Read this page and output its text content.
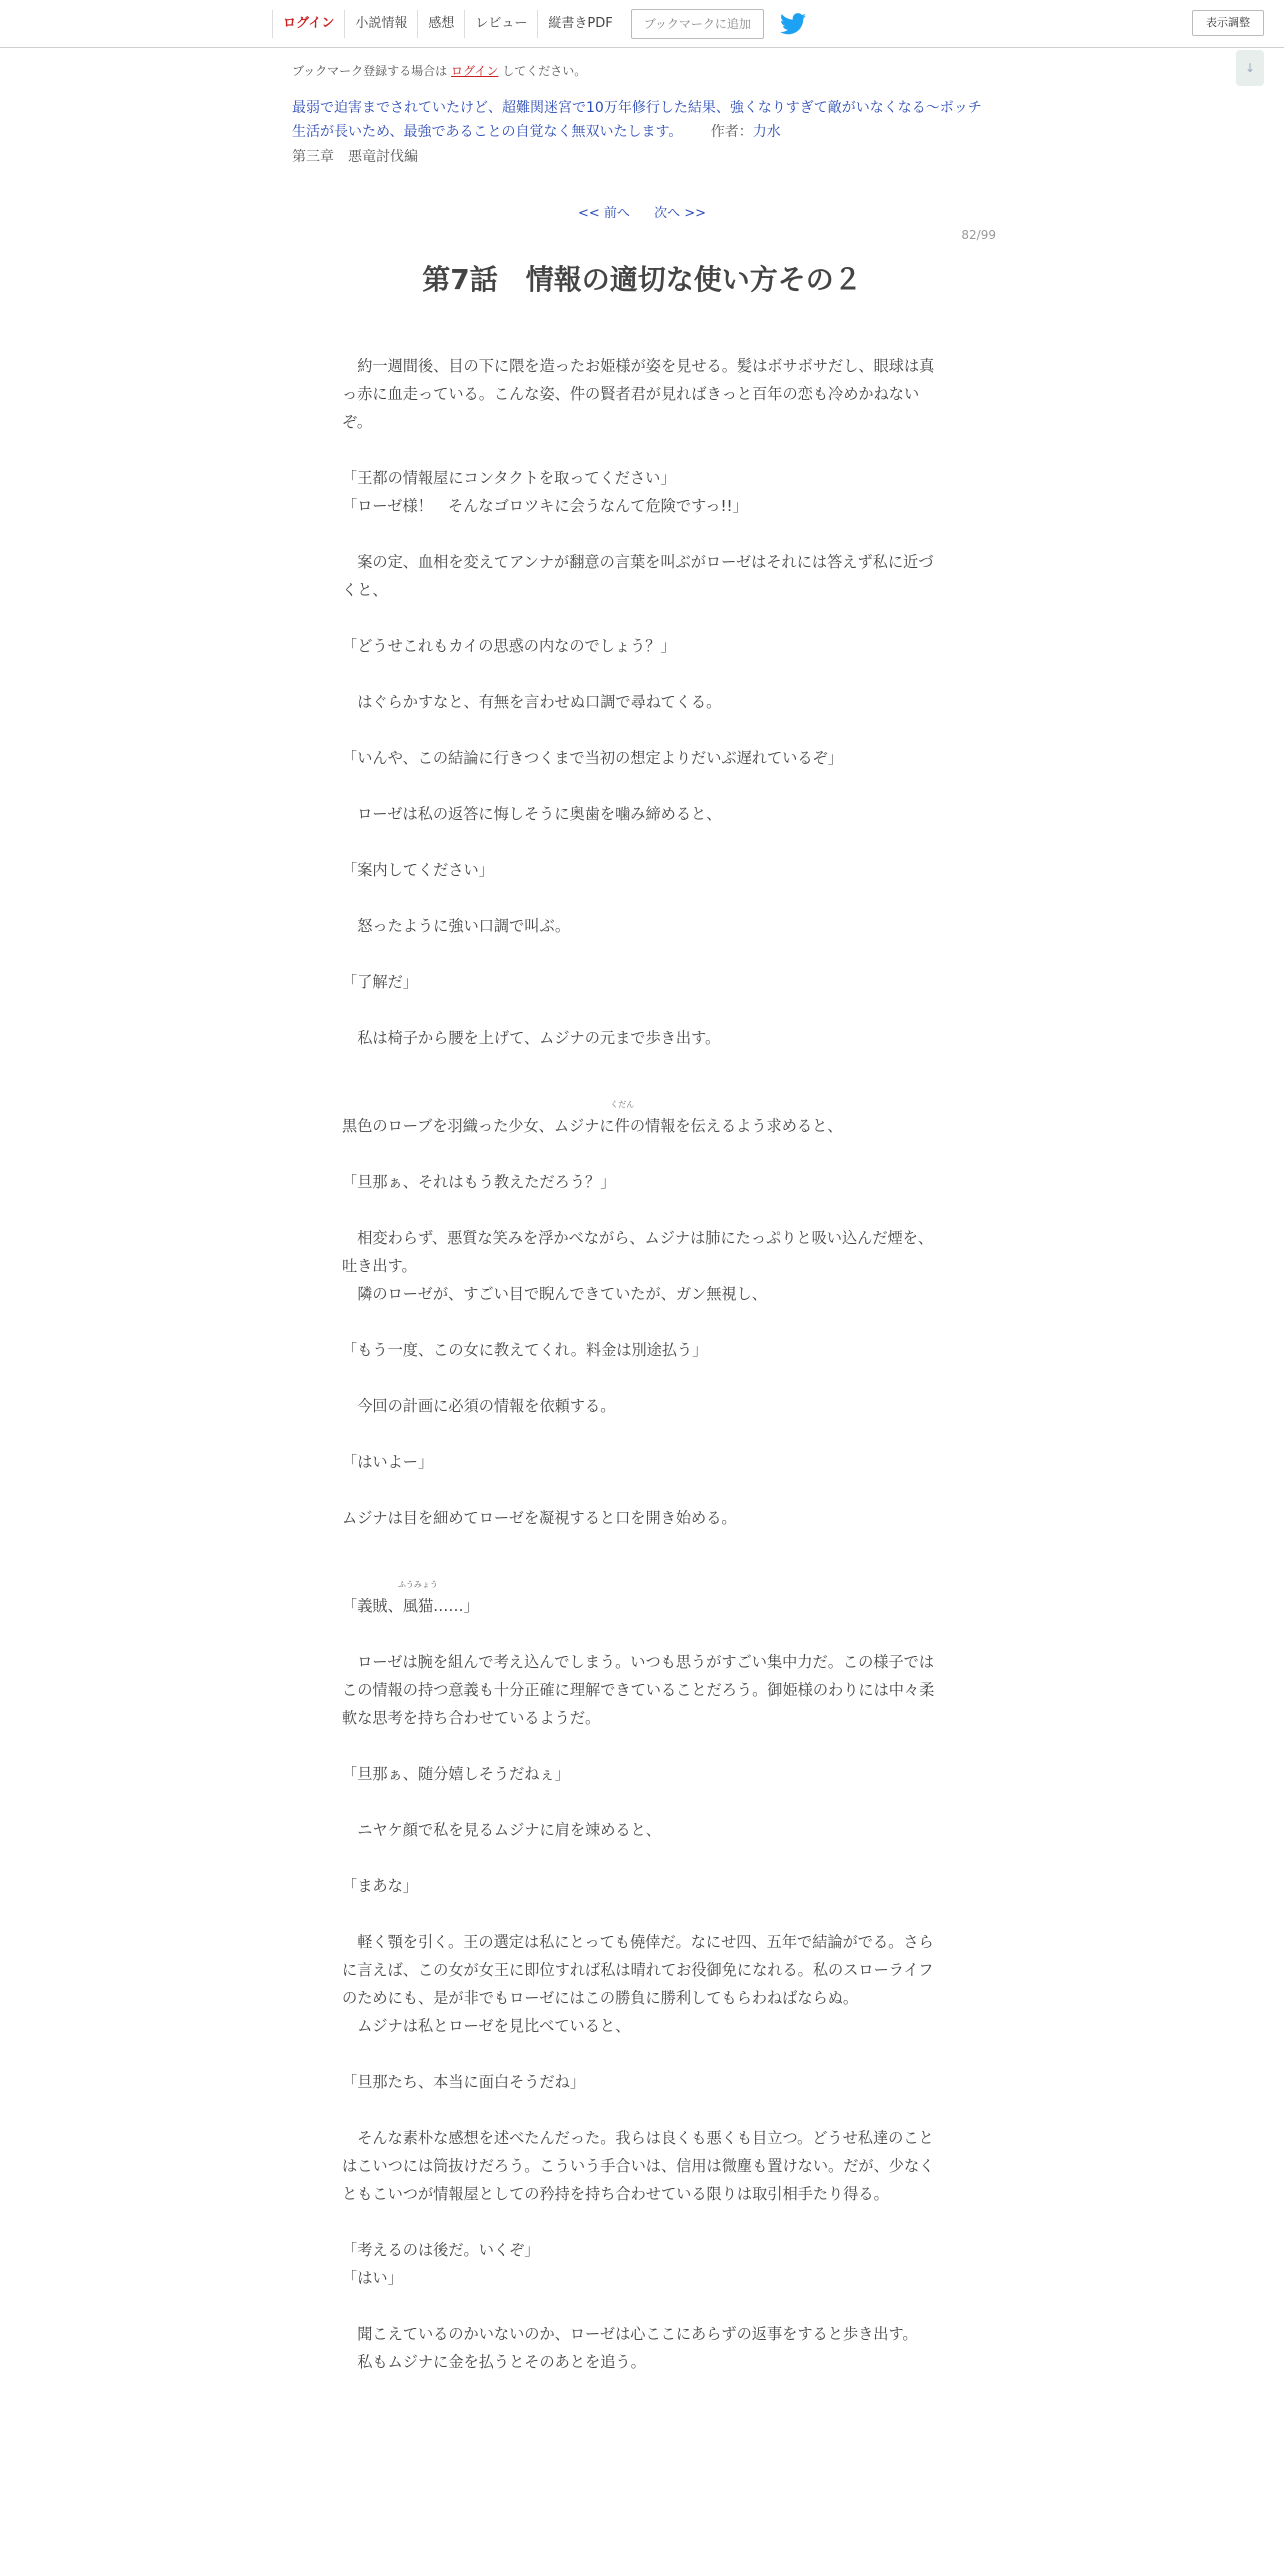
ログイン	小説情報	感想	レビュー	縦書きPDF	ブックマークに追加	表示調整
↓
ブックマーク登録する場合は ログイン してください。
最弱で迫害までされていたけど、超難関迷宮で10万年修行した結果、強くなりすぎて敵がいなくなる～ボッチ生活が長いため、最強であることの自覚なく無双いたします。 作者：力水
第三章　悪竜討伐編
<< 前へ 次へ >>
82/99
第7話　情報の適切な使い方その２
　約一週間後、目の下に隈を造ったお姫様が姿を見せる。髪はボサボサだし、眼球は真っ赤に血走っている。こんな姿、件の賢者君が見ればきっと百年の恋も冷めかねないぞ。
「王都の情報屋にコンタクトを取ってください」
「ローゼ様！　そんなゴロツキに会うなんて危険ですっ!!」
　案の定、血相を変えてアンナが翻意の言葉を叫ぶがローゼはそれには答えず私に近づくと、
「どうせこれもカイの思惑の内なのでしょう？」
　はぐらかすなと、有無を言わせぬ口調で尋ねてくる。
「いんや、この結論に行きつくまで当初の想定よりだいぶ遅れているぞ」
　ローゼは私の返答に悔しそうに奥歯を噛み締めると、
「案内してください」
　怒ったように強い口調で叫ぶ。
「了解だ」
　私は椅子から腰を上げて、ムジナの元まで歩き出す。
黒色のローブを羽織った少女、ムジナに
くだん
件の情報を伝えるよう求めると、
「旦那ぁ、それはもう教えただろう？」
　相変わらず、悪質な笑みを浮かべながら、ムジナは肺にたっぷりと吸い込んだ煙を、吐き出す。
　隣のローゼが、すごい目で睨んできていたが、ガン無視し、
「もう一度、この女に教えてくれ。料金は別途払う」
　今回の計画に必須の情報を依頼する。
「はいよー」
ムジナは目を細めてローゼを凝視すると口を開き始める。
「義賊、
ふうみょう
風猫……」
　ローゼは腕を組んで考え込んでしまう。いつも思うがすごい集中力だ。この様子ではこの情報の持つ意義も十分正確に理解できていることだろう。御姫様のわりには中々柔軟な思考を持ち合わせているようだ。
「旦那ぁ、随分嬉しそうだねぇ」
　ニヤケ顔で私を見るムジナに肩を竦めると、
「まあな」
　軽く顎を引く。王の選定は私にとっても僥倖だ。なにせ四、五年で結論がでる。さらに言えば、この女が女王に即位すれば私は晴れてお役御免になれる。私のスローライフのためにも、是が非でもローゼにはこの勝負に勝利してもらわねばならぬ。
　ムジナは私とローゼを見比べていると、
「旦那たち、本当に面白そうだね」
　そんな素朴な感想を述べたんだった。我らは良くも悪くも目立つ。どうせ私達のことはこいつには筒抜けだろう。こういう手合いは、信用は微塵も置けない。だが、少なくともこいつが情報屋としての矜持を持ち合わせている限りは取引相手たり得る。
「考えるのは後だ。いくぞ」
「はい」
　聞こえているのかいないのか、ローゼは心ここにあらずの返事をすると歩き出す。
　私もムジナに金を払うとそのあとを追う。
